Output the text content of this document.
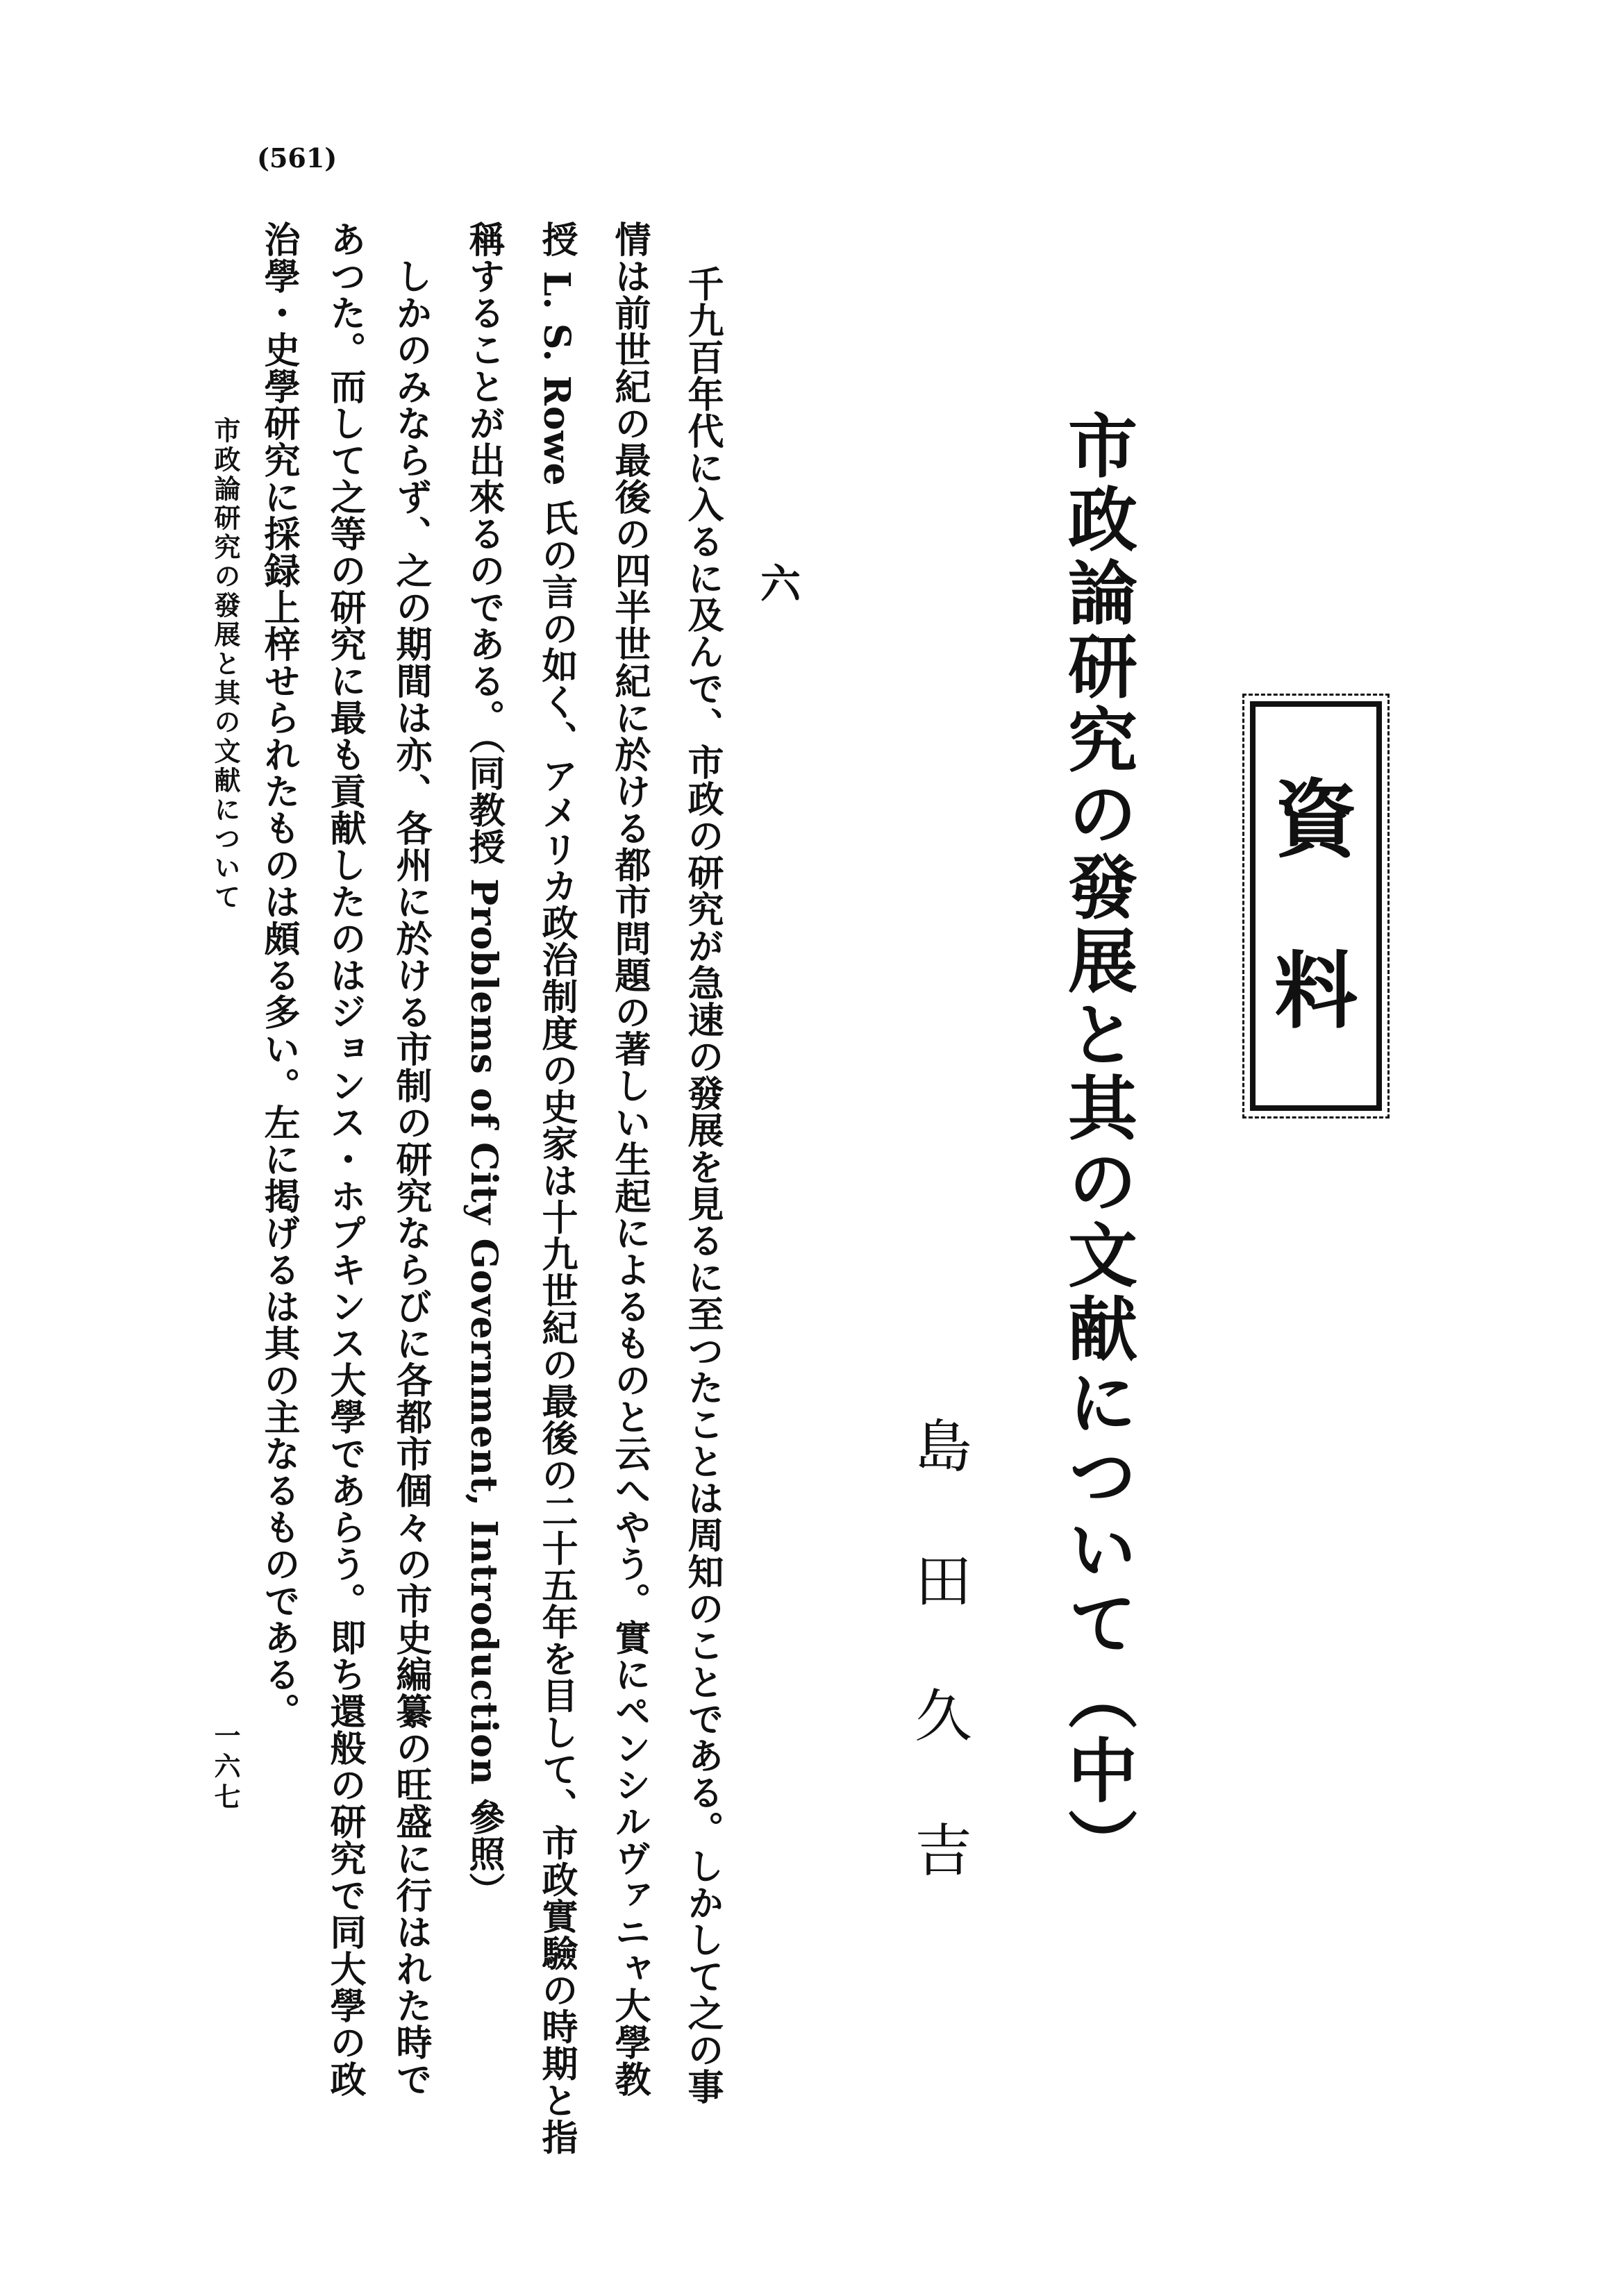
(561)
資
料
市政論研究の發展と其の文献について（中）
島田久吉
六
千九百年代に入るに及んで、市政の研究が急速の發展を見るに至つたことは周知のことである。しかして之の事
情は前世紀の最後の四半世紀に於ける都市問題の著しい生起によるものと云へやう。實にペンシルヴァニャ大學教
授 L. S. Rowe 氏の言の如く、アメリカ政治制度の史家は十九世紀の最後の二十五年を目して、市政實驗の時期と指
稱することが出來るのである。（同教授 Problems of City Government, Introduction 參照）
　しかのみならず、之の期間は亦、各州に於ける市制の研究ならびに各都市個々の市史編纂の旺盛に行はれた時で
あつた。而して之等の研究に最も貢献したのはジョンス・ホプキンス大學であらう。即ち還般の研究で同大學の政
治學・史學研究に採録上梓せられたものは頗る多い。左に掲げるは其の主なるものである。
市政論研究の發展と其の文献について
一六七
